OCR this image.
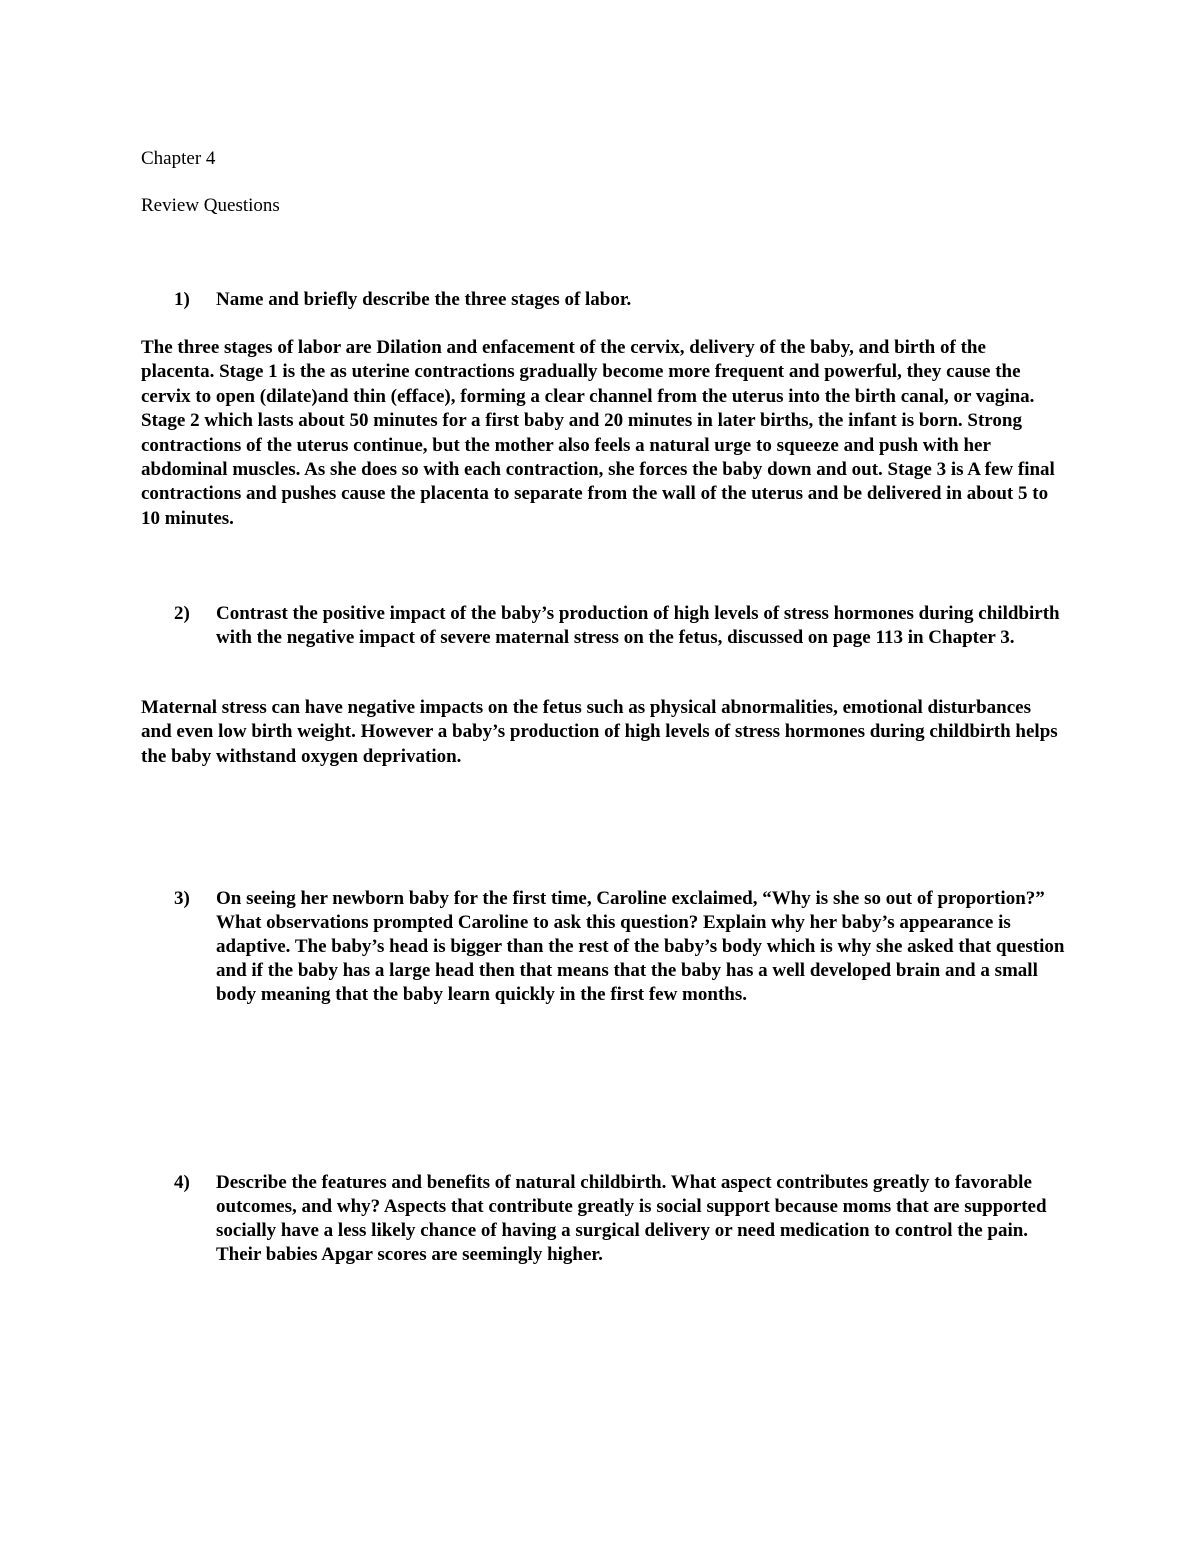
Chapter 4
Review Questions
1) Name and briefly describe the three stages of labor.
The three stages of labor are Dilation and enfacement of the cervix, delivery of the baby, and birth of the placenta. Stage 1 is the as uterine contractions gradually become more frequent and powerful, they cause the cervix to open (dilate)and thin (efface), forming a clear channel from the uterus into the birth canal, or vagina. Stage 2 which lasts about 50 minutes for a first baby and 20 minutes in later births, the infant is born. Strong contractions of the uterus continue, but the mother also feels a natural urge to squeeze and push with her abdominal muscles. As she does so with each contraction, she forces the baby down and out. Stage 3 is A few final contractions and pushes cause the placenta to separate from the wall of the uterus and be delivered in about 5 to 10 minutes.
2) Contrast the positive impact of the baby’s production of high levels of stress hormones during childbirth with the negative impact of severe maternal stress on the fetus, discussed on page 113 in Chapter 3.
Maternal stress can have negative impacts on the fetus such as physical abnormalities, emotional disturbances and even low birth weight. However a baby’s production of high levels of stress hormones during childbirth helps the baby withstand oxygen deprivation.
3) On seeing her newborn baby for the first time, Caroline exclaimed, “Why is she so out of proportion?” What observations prompted Caroline to ask this question? Explain why her baby’s appearance is adaptive. The baby’s head is bigger than the rest of the baby’s body which is why she asked that question and if the baby has a large head then that means that the baby has a well developed brain and a small body meaning that the baby learn quickly in the first few months.
4) Describe the features and benefits of natural childbirth. What aspect contributes greatly to favorable outcomes, and why? Aspects that contribute greatly is social support because moms that are supported socially have a less likely chance of having a surgical delivery or need medication to control the pain. Their babies Apgar scores are seemingly higher.
